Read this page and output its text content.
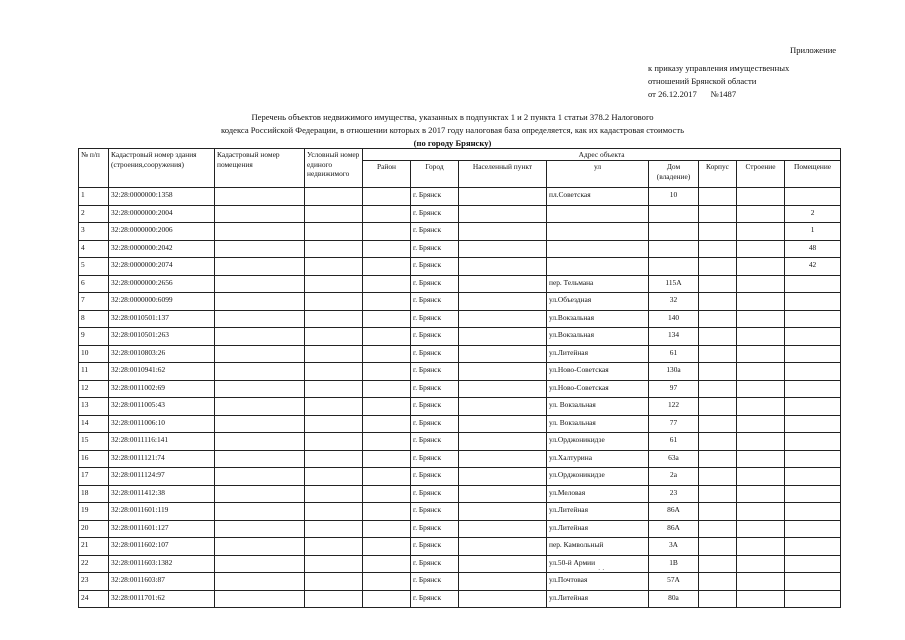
Приложение
к приказу управления имущественных
отношений Брянской области
от 26.12.2017 №1487
Перечень объектов недвижимого имущества, указанных в подпунктах 1 и 2 пункта 1 статьи 378.2 Налогового
кодекса Российской Федерации, в отношении которых в 2017 году налоговая база определяется, как их кадастровая стоимость
(по городу Брянску)
№ п/п	Кадастровый номер здания (строения,сооружения)	Кадастровый номер помещения	Условный номер единого недвижимого	Адрес объекта							
				Район	Город	Населенный пункт	ул	Дом (владение)	Корпус	Строение	Помещение
1	32:28:0000000:1358				г. Брянск		пл.Советская	10			
2	32:28:0000000:2004				г. Брянск						2
3	32:28:0000000:2006				г. Брянск						1
4	32:28:0000000:2042				г. Брянск						48
5	32:28:0000000:2074				г. Брянск						42
6	32:28:0000000:2656				г. Брянск		пер. Тельмана	115А			
7	32:28:0000000:6099				г. Брянск		ул.Объездная	32			
8	32:28:0010501:137				г. Брянск		ул.Вокзальная	140			
9	32:28:0010501:263				г. Брянск		ул.Вокзальная	134			
10	32:28:0010803:26				г. Брянск		ул.Литейная	61			
11	32:28:0010941:62				г. Брянск		ул.Ново-Советская	130а			
12	32:28:0011002:69				г. Брянск		ул.Ново-Советская	97			
13	32:28:0011005:43				г. Брянск		ул. Вокзальная	122			
14	32:28:0011006:10				г. Брянск		ул. Вокзальная	77			
15	32:28:0011116:141				г. Брянск		ул.Орджоникидзе	61			
16	32:28:0011121:74				г. Брянск		ул.Халтурина	63а			
17	32:28:0011124:97				г. Брянск		ул.Орджоникидзе	2а			
18	32:28:0011412:38				г. Брянск		ул.Меловая	23			
19	32:28:0011601:119				г. Брянск		ул.Литейная	86А			
20	32:28:0011601:127				г. Брянск		ул.Литейная	86А			
21	32:28:0011602:107				г. Брянск		пер. Камвольный	3А			
22	32:28:0011603:1382				г. Брянск		ул.50-й Армии	1В			
23	32:28:0011603:87				г. Брянск		ул.Почтовая	57А			
24	32:28:0011701:62				г. Брянск		ул.Литейная	80а			
· ·
